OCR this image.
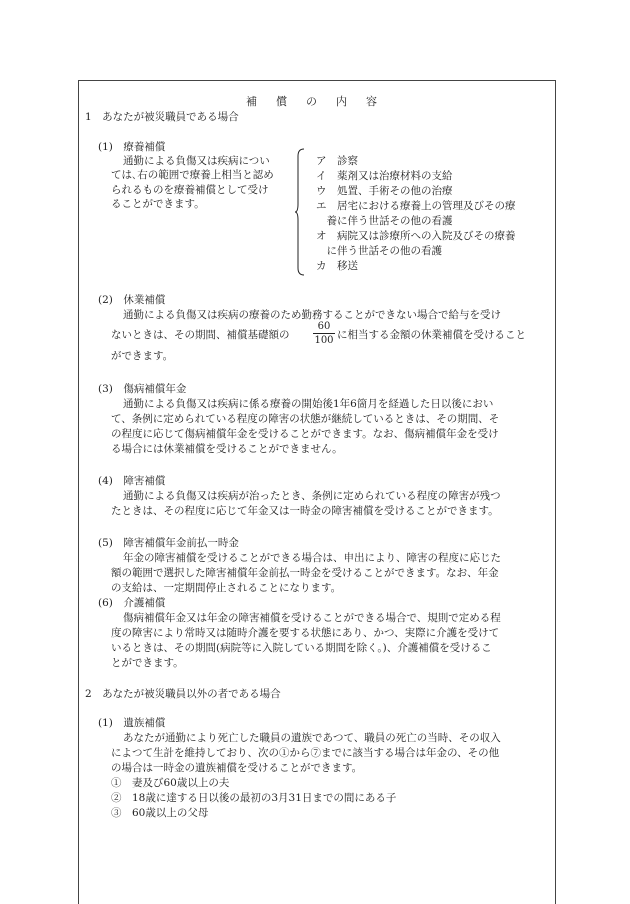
補償の内容
1　あなたが被災職員である場合
(1)　療養補償
通勤による負傷又は疾病につい
ては､右の範囲で療養上相当と認め
られるものを療養補償として受け
ることができます。
ア　診察
イ　薬剤又は治療材料の支給
ウ　処置、手術その他の治療
エ　居宅における療養上の管理及びその療
　養に伴う世話その他の看護
オ　病院又は診療所への入院及びその療養
　に伴う世話その他の看護
カ　移送
(2)　休業補償
通勤による負傷又は疾病の療養のため勤務することができない場合で給与を受け
ないときは、その期間、補償基礎額の
60
100 に相当する金額の休業補償を受けること
ができます。
(3)　傷病補償年金
通勤による負傷又は疾病に係る療養の開始後1年6箇月を経過した日以後におい
て、条例に定められている程度の障害の状態が継続しているときは、その期間、そ
の程度に応じて傷病補償年金を受けることができます。なお、傷病補償年金を受け
る場合には休業補償を受けることができません。
(4)　障害補償
通勤による負傷又は疾病が治ったとき、条例に定められている程度の障害が残つ
たときは、その程度に応じて年金又は一時金の障害補償を受けることができます。
(5)　障害補償年金前払一時金
年金の障害補償を受けることができる場合は、申出により、障害の程度に応じた
額の範囲で選択した障害補償年金前払一時金を受けることができます。なお、年金
の支給は、一定期間停止されることになります。
(6)　介護補償
傷病補償年金又は年金の障害補償を受けることができる場合で、規則で定める程
度の障害により常時又は随時介護を要する状態にあり、かつ、実際に介護を受けて
いるときは、その期間(病院等に入院している期間を除く。)、介護補償を受けるこ
とができます。
2　あなたが被災職員以外の者である場合
(1)　遺族補償
あなたが通勤により死亡した職員の遺族であつて、職員の死亡の当時、その収入
によつて生計を維持しており、次の①から⑦までに該当する場合は年金の、その他
の場合は一時金の遺族補償を受けることができます。
①　妻及び60歳以上の夫
②　18歳に達する日以後の最初の3月31日までの間にある子
③　60歳以上の父母
